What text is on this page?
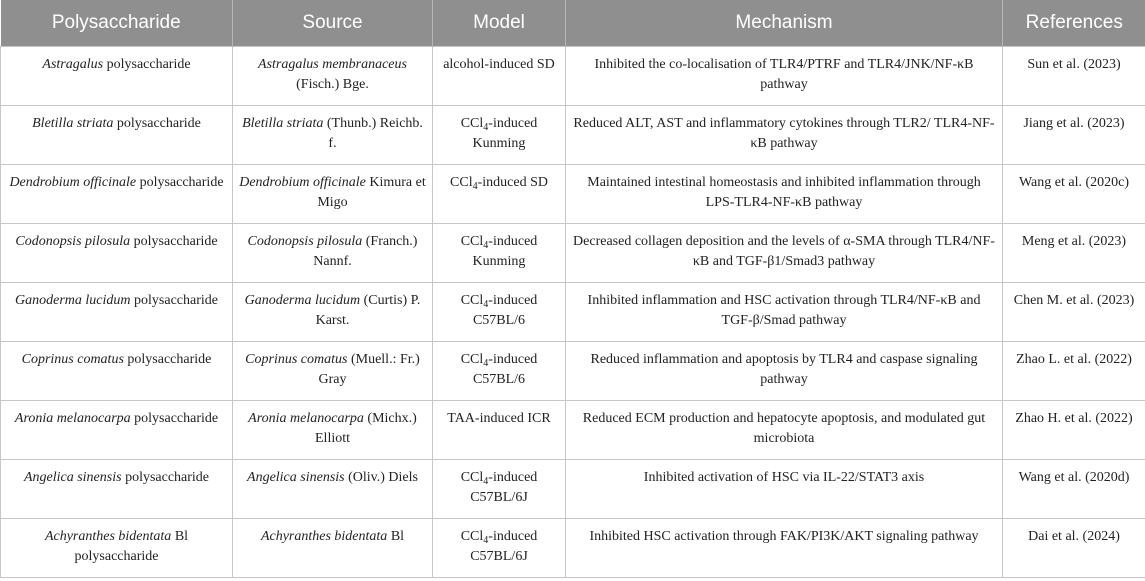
Polysaccharide	Source	Model	Mechanism	References
Astragalus polysaccharide	Astragalus membranaceus (Fisch.) Bge.	alcohol-induced SD	Inhibited the co-localisation of TLR4/PTRF and TLR4/JNK/NF-κB pathway	Sun et al. (2023)
Bletilla striata polysaccharide	Bletilla striata (Thunb.) Reichb. f.	CCl$_4$-induced Kunming	Reduced ALT, AST and inflammatory cytokines through TLR2/ TLR4-NF-κB pathway	Jiang et al. (2023)
Dendrobium officinale polysaccharide	Dendrobium officinale Kimura et Migo	CCl$_4$-induced SD	Maintained intestinal homeostasis and inhibited inflammation through LPS-TLR4-NF-κB pathway	Wang et al. (2020c)
Codonopsis pilosula polysaccharide	Codonopsis pilosula (Franch.) Nannf.	CCl$_4$-induced Kunming	Decreased collagen deposition and the levels of α-SMA through TLR4/NF-κB and TGF-β1/Smad3 pathway	Meng et al. (2023)
Ganoderma lucidum polysaccharide	Ganoderma lucidum (Curtis) P. Karst.	CCl$_4$-induced C57BL/6	Inhibited inflammation and HSC activation through TLR4/NF-κB and TGF-β/Smad pathway	Chen M. et al. (2023)
Coprinus comatus polysaccharide	Coprinus comatus (Muell.: Fr.) Gray	CCl$_4$-induced C57BL/6	Reduced inflammation and apoptosis by TLR4 and caspase signaling pathway	Zhao L. et al. (2022)
Aronia melanocarpa polysaccharide	Aronia melanocarpa (Michx.) Elliott	TAA-induced ICR	Reduced ECM production and hepatocyte apoptosis, and modulated gut microbiota	Zhao H. et al. (2022)
Angelica sinensis polysaccharide	Angelica sinensis (Oliv.) Diels	CCl$_4$-induced C57BL/6J	Inhibited activation of HSC via IL-22/STAT3 axis	Wang et al. (2020d)
Achyranthes bidentata Bl polysaccharide	Achyranthes bidentata Bl	CCl$_4$-induced C57BL/6J	Inhibited HSC activation through FAK/PI3K/AKT signaling pathway	Dai et al. (2024)
